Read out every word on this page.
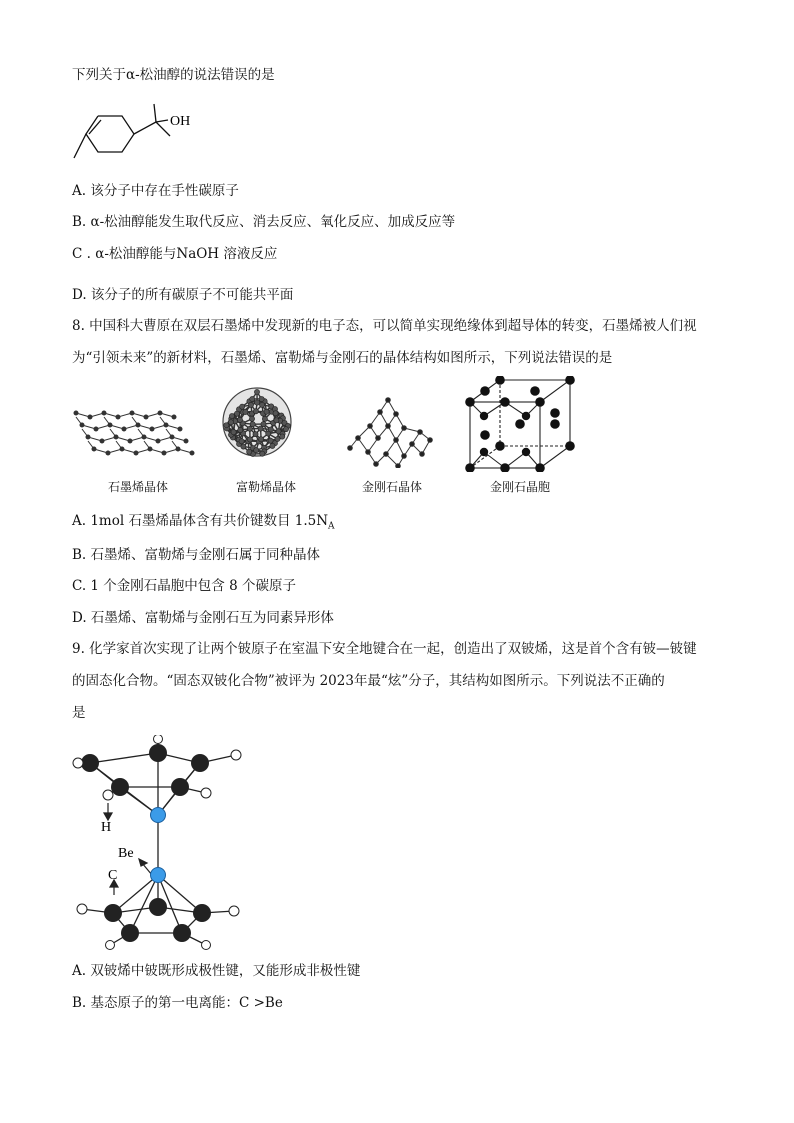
下列关于α-松油醇的说法错误的是
OH
A. 该分子中存在手性碳原子
B. α-松油醇能发生取代反应、消去反应、氧化反应、加成反应等
C . α-松油醇能与NaOH 溶液反应
D. 该分子的所有碳原子不可能共平面
8. 中国科大曹原在双层石墨烯中发现新的电子态，可以简单实现绝缘体到超导体的转变，石墨烯被人们视
为“引领未来”的新材料，石墨烯、富勒烯与金刚石的晶体结构如图所示，下列说法错误的是
石墨烯晶体	富勒烯晶体	金刚石晶体	金刚石晶胞
A. 1mol 石墨烯晶体含有共价键数目 $1.5N_A$
B. 石墨烯、富勒烯与金刚石属于同种晶体
C. 1 个金刚石晶胞中包含 8 个碳原子
D. 石墨烯、富勒烯与金刚石互为同素异形体
9. 化学家首次实现了让两个铍原子在室温下安全地键合在一起，创造出了双铍烯，这是首个含有铍—铍键
的固态化合物。“固态双铍化合物”被评为 2023年最“炫”分子，其结构如图所示。下列说法不正确的
是
H
Be
C
A. 双铍烯中铍既形成极性键，又能形成非极性键
B. 基态原子的第一电离能：C >Be
